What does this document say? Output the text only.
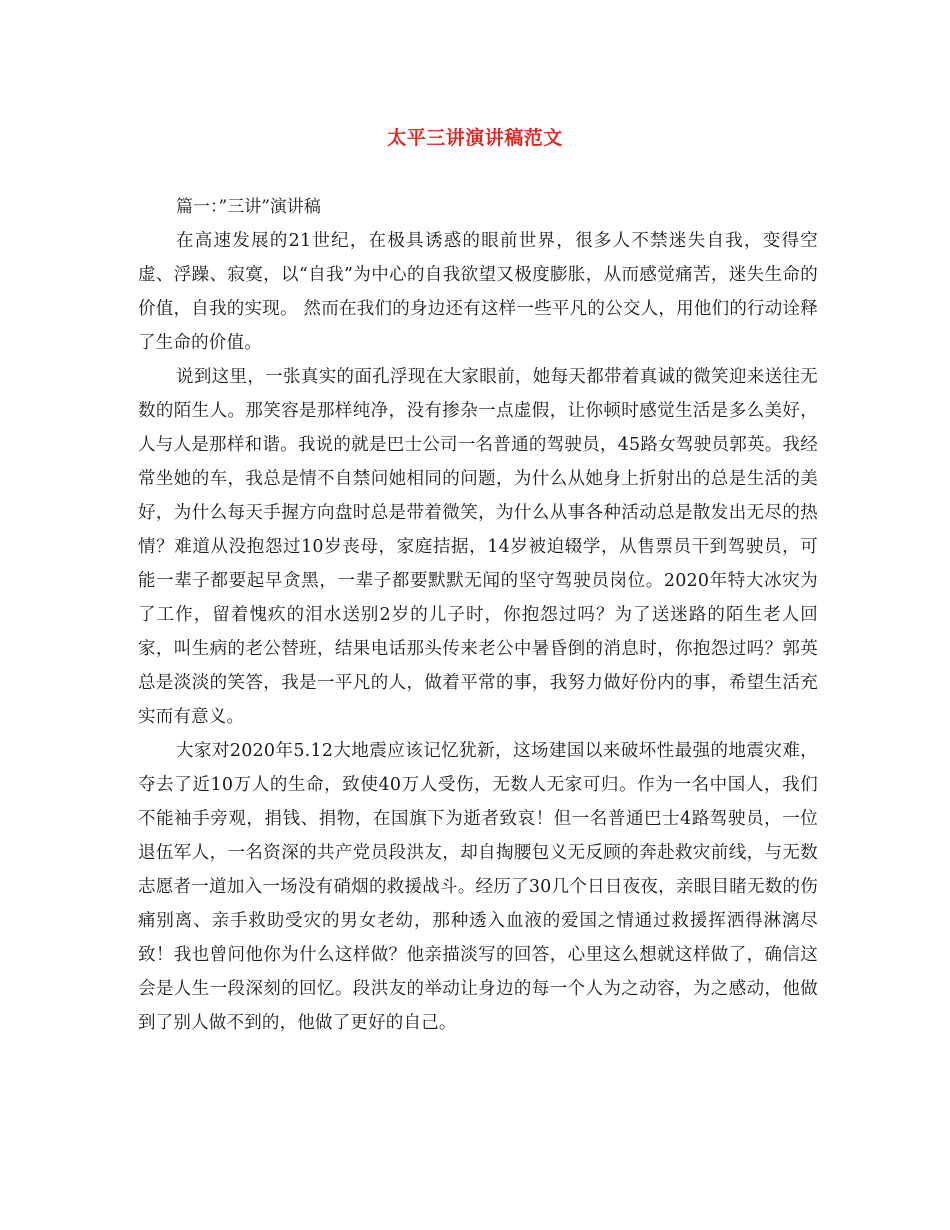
太平三讲演讲稿范文
篇一：”三讲”演讲稿

在高速发展的21世纪，在极具诱惑的眼前世界，很多人不禁迷失自我，变得空虚、浮躁、寂寞，以“自我”为中心的自我欲望又极度膨胀，从而感觉痛苦，迷失生命的价值，自我的实现。 然而在我们的身边还有这样一些平凡的公交人，用他们的行动诠释了生命的价值。

说到这里，一张真实的面孔浮现在大家眼前，她每天都带着真诚的微笑迎来送往无数的陌生人。那笑容是那样纯净，没有掺杂一点虚假，让你顿时感觉生活是多么美好，人与人是那样和谐。我说的就是巴士公司一名普通的驾驶员，45路女驾驶员郭英。我经常坐她的车，我总是情不自禁问她相同的问题，为什么从她身上折射出的总是生活的美好，为什么每天手握方向盘时总是带着微笑，为什么从事各种活动总是散发出无尽的热情？难道从没抱怨过10岁丧母，家庭拮据，14岁被迫辍学，从售票员干到驾驶员，可能一辈子都要起早贪黑，一辈子都要默默无闻的坚守驾驶员岗位。2020年特大冰灾为了工作，留着愧疚的泪水送别2岁的儿子时，你抱怨过吗？为了送迷路的陌生老人回家，叫生病的老公替班，结果电话那头传来老公中暑昏倒的消息时，你抱怨过吗？郭英总是淡淡的笑答，我是一平凡的人，做着平常的事，我努力做好份内的事，希望生活充实而有意义。

大家对2020年5.12大地震应该记忆犹新，这场建国以来破坏性最强的地震灾难，夺去了近10万人的生命，致使40万人受伤，无数人无家可归。作为一名中国人，我们不能袖手旁观，捐钱、捐物，在国旗下为逝者致哀！但一名普通巴士4路驾驶员，一位退伍军人，一名资深的共产党员段洪友，却自掏腰包义无反顾的奔赴救灾前线，与无数志愿者一道加入一场没有硝烟的救援战斗。经历了30几个日日夜夜，亲眼目睹无数的伤痛别离、亲手救助受灾的男女老幼，那种透入血液的爱国之情通过救援挥洒得淋漓尽致！我也曾问他你为什么这样做？他亲描淡写的回答，心里这么想就这样做了，确信这会是人生一段深刻的回忆。段洪友的举动让身边的每一个人为之动容，为之感动，他做到了别人做不到的，他做了更好的自己。
